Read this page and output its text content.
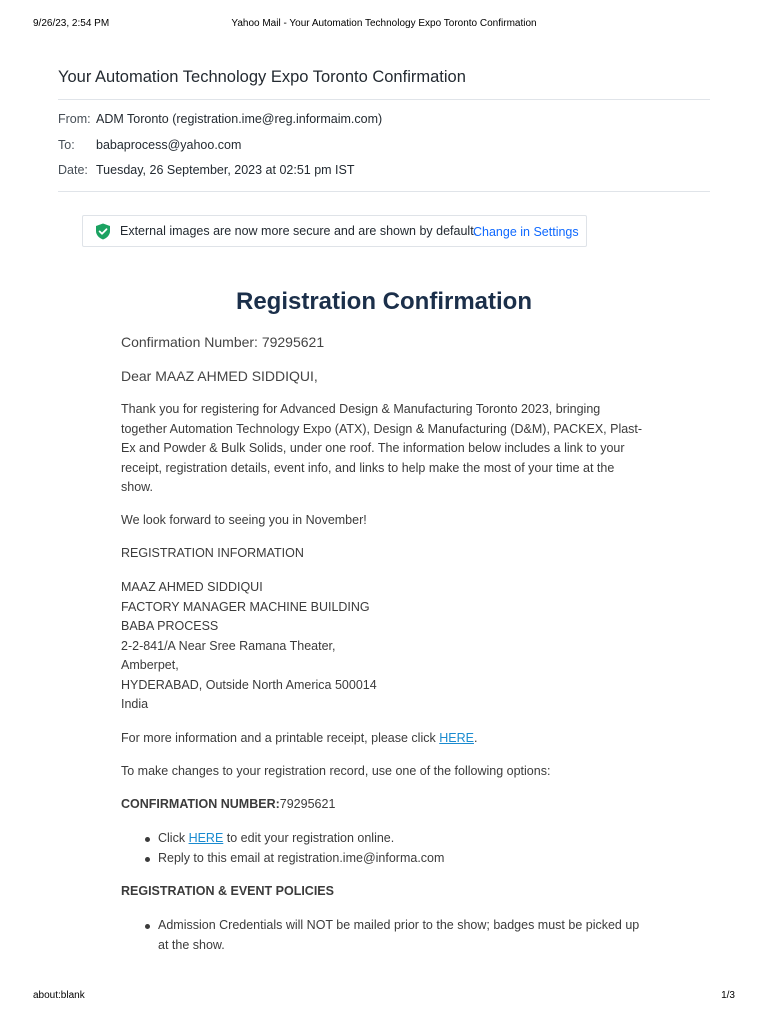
9/26/23, 2:54 PM	Yahoo Mail - Your Automation Technology Expo Toronto Confirmation
Your Automation Technology Expo Toronto Confirmation
From: ADM Toronto (registration.ime@reg.informaim.com)
To: babaprocess@yahoo.com
Date: Tuesday, 26 September, 2023 at 02:51 pm IST
External images are now more secure and are shown by default.
Change in Settings
Registration Confirmation
Confirmation Number: 79295621
Dear MAAZ AHMED SIDDIQUI,
Thank you for registering for Advanced Design & Manufacturing Toronto 2023, bringing together Automation Technology Expo (ATX), Design & Manufacturing (D&M), PACKEX, Plast-Ex and Powder & Bulk Solids, under one roof. The information below includes a link to your receipt, registration details, event info, and links to help make the most of your time at the show.
We look forward to seeing you in November!
REGISTRATION INFORMATION
MAAZ AHMED SIDDIQUI
FACTORY MANAGER MACHINE BUILDING
BABA PROCESS
2-2-841/A Near Sree Ramana Theater,
Amberpet,
HYDERABAD, Outside North America 500014
India
For more information and a printable receipt, please click HERE.
To make changes to your registration record, use one of the following options:
CONFIRMATION NUMBER:79295621
Click HERE to edit your registration online.
Reply to this email at registration.ime@informa.com
REGISTRATION & EVENT POLICIES
Admission Credentials will NOT be mailed prior to the show; badges must be picked up at the show.
about:blank	1/3
